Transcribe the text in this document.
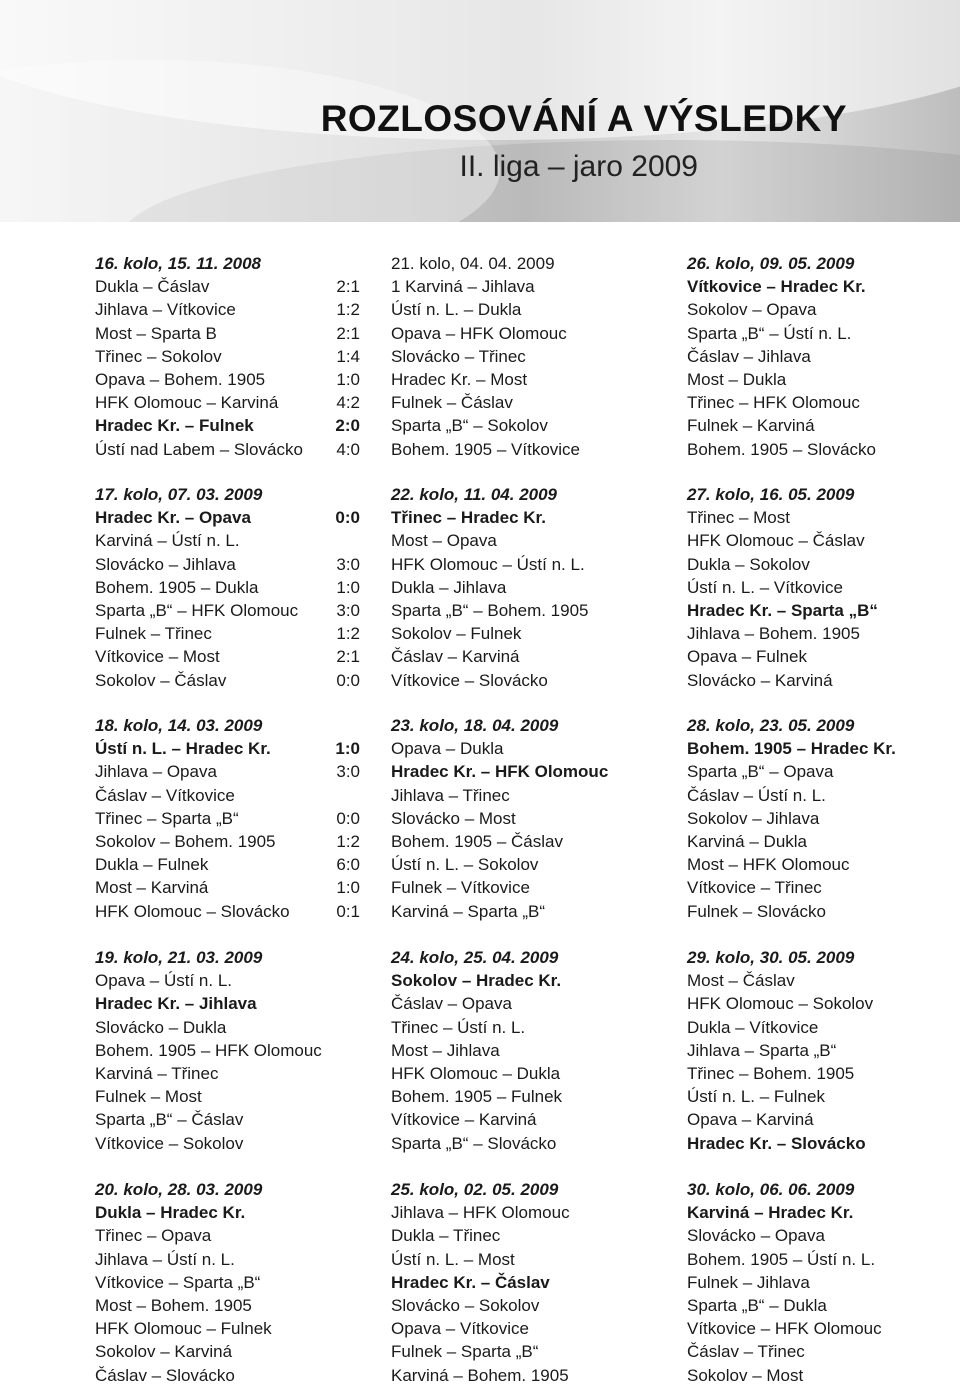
ROZLOSOVÁNÍ A VÝSLEDKY
II. liga – jaro 2009
16. kolo, 15. 11. 2008
Dukla – Čáslav	2:1
Jihlava – Vítkovice	1:2
Most – Sparta B	2:1
Třinec – Sokolov	1:4
Opava – Bohem. 1905	1:0
HFK Olomouc – Karviná	4:2
Hradec Kr. – Fulnek	2:0
Ústí nad Labem – Slovácko	4:0
17. kolo, 07. 03. 2009
Hradec Kr. – Opava	0:0
Karviná – Ústí n. L.
Slovácko – Jihlava	3:0
Bohem. 1905 – Dukla	1:0
Sparta „B“ – HFK Olomouc	3:0
Fulnek – Třinec	1:2
Vítkovice – Most	2:1
Sokolov – Čáslav	0:0
18. kolo, 14. 03. 2009
Ústí n. L. – Hradec Kr.	1:0
Jihlava – Opava	3:0
Čáslav – Vítkovice
Třinec – Sparta „B“	0:0
Sokolov – Bohem. 1905	1:2
Dukla – Fulnek	6:0
Most – Karviná	1:0
HFK Olomouc – Slovácko	0:1
19. kolo, 21. 03. 2009
Opava – Ústí n. L.
Hradec Kr. – Jihlava
Slovácko – Dukla
Bohem. 1905 – HFK Olomouc
Karviná – Třinec
Fulnek – Most
Sparta „B“ – Čáslav
Vítkovice – Sokolov
20. kolo, 28. 03. 2009
Dukla – Hradec Kr.
Třinec – Opava
Jihlava – Ústí n. L.
Vítkovice – Sparta „B“
Most – Bohem. 1905
HFK Olomouc – Fulnek
Sokolov – Karviná
Čáslav – Slovácko
21. kolo, 04. 04. 2009
1 Karviná – Jihlava
Ústí n. L. – Dukla
Opava – HFK Olomouc
Slovácko – Třinec
Hradec Kr. – Most
Fulnek – Čáslav
Sparta „B“ – Sokolov
Bohem. 1905 – Vítkovice
22. kolo, 11. 04. 2009
Třinec – Hradec Kr.
Most – Opava
HFK Olomouc – Ústí n. L.
Dukla – Jihlava
Sparta „B“ – Bohem. 1905
Sokolov – Fulnek
Čáslav – Karviná
Vítkovice – Slovácko
23. kolo, 18. 04. 2009
Opava – Dukla
Hradec Kr. – HFK Olomouc
Jihlava – Třinec
Slovácko – Most
Bohem. 1905 – Čáslav
Ústí n. L. – Sokolov
Fulnek – Vítkovice
Karviná – Sparta „B“
24. kolo, 25. 04. 2009
Sokolov – Hradec Kr.
Čáslav – Opava
Třinec – Ústí n. L.
Most – Jihlava
HFK Olomouc – Dukla
Bohem. 1905 – Fulnek
Vítkovice – Karviná
Sparta „B“ – Slovácko
25. kolo, 02. 05. 2009
Jihlava – HFK Olomouc
Dukla – Třinec
Ústí n. L. – Most
Hradec Kr. – Čáslav
Slovácko – Sokolov
Opava – Vítkovice
Fulnek – Sparta „B“
Karviná – Bohem. 1905
26. kolo, 09. 05. 2009
Vítkovice – Hradec Kr.
Sokolov – Opava
Sparta „B“ – Ústí n. L.
Čáslav – Jihlava
Most – Dukla
Třinec – HFK Olomouc
Fulnek – Karviná
Bohem. 1905 – Slovácko
27. kolo, 16. 05. 2009
Třinec – Most
HFK Olomouc – Čáslav
Dukla – Sokolov
Ústí n. L. – Vítkovice
Hradec Kr. – Sparta „B“
Jihlava – Bohem. 1905
Opava – Fulnek
Slovácko – Karviná
28. kolo, 23. 05. 2009
Bohem. 1905 – Hradec Kr.
Sparta „B“ – Opava
Čáslav – Ústí n. L.
Sokolov – Jihlava
Karviná – Dukla
Most – HFK Olomouc
Vítkovice – Třinec
Fulnek – Slovácko
29. kolo, 30. 05. 2009
Most – Čáslav
HFK Olomouc – Sokolov
Dukla – Vítkovice
Jihlava – Sparta „B“
Třinec – Bohem. 1905
Ústí n. L. – Fulnek
Opava – Karviná
Hradec Kr. – Slovácko
30. kolo, 06. 06. 2009
Karviná – Hradec Kr.
Slovácko – Opava
Bohem. 1905 – Ústí n. L.
Fulnek – Jihlava
Sparta „B“ – Dukla
Vítkovice – HFK Olomouc
Čáslav – Třinec
Sokolov – Most
